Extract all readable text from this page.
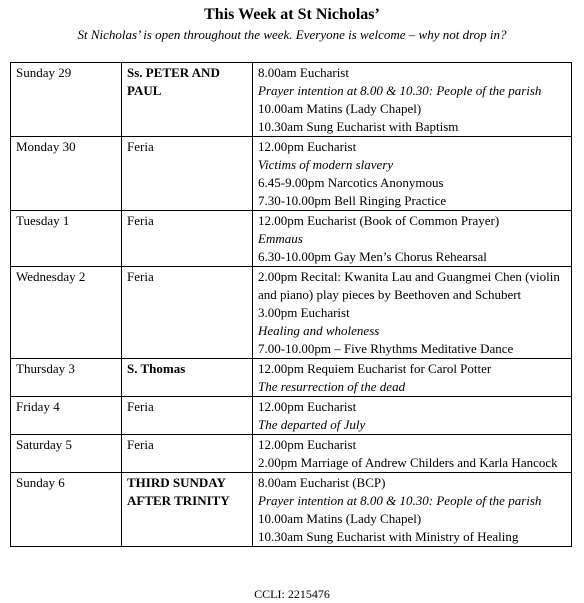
This Week at St Nicholas’
St Nicholas’ is open throughout the week. Everyone is welcome – why not drop in?
Sunday 29	Ss. PETER AND PAUL	8.00am Eucharist
Prayer intention at 8.00 & 10.30: People of the parish
10.00am Matins (Lady Chapel)
10.30am Sung Eucharist with Baptism

Monday 30	Feria	12.00pm Eucharist
Victims of modern slavery
6.45-9.00pm Narcotics Anonymous
7.30-10.00pm Bell Ringing Practice

Tuesday 1	Feria	12.00pm Eucharist (Book of Common Prayer)
Emmaus
6.30-10.00pm Gay Men’s Chorus Rehearsal

Wednesday 2	Feria	2.00pm Recital: Kwanita Lau and Guangmei Chen (violin and piano) play pieces by Beethoven and Schubert
3.00pm Eucharist
Healing and wholeness
7.00-10.00pm – Five Rhythms Meditative Dance

Thursday 3	S. Thomas	12.00pm Requiem Eucharist for Carol Potter
The resurrection of the dead

Friday 4	Feria	12.00pm Eucharist
The departed of July

Saturday 5	Feria	12.00pm Eucharist
2.00pm Marriage of Andrew Childers and Karla Hancock

Sunday 6	THIRD SUNDAY AFTER TRINITY	8.00am Eucharist (BCP)
Prayer intention at 8.00 & 10.30: People of the parish
10.00am Matins (Lady Chapel)
10.30am Sung Eucharist with Ministry of Healing
CCLI: 2215476
